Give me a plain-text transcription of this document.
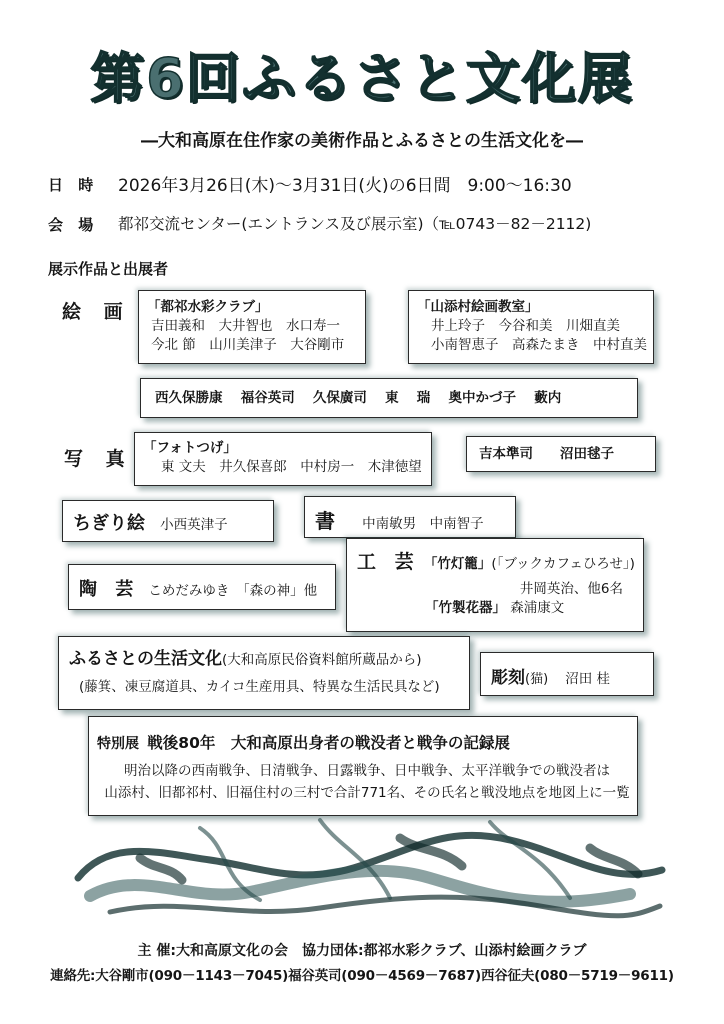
第6回ふるさと文化展
―大和高原在住作家の美術作品とふるさとの生活文化を―
日 時 2026年3月26日(木)～3月31日(火)の6日間　9:00～16:30
会 場 都祁交流センター(エントランス及び展示室)（℡0743－82－2112)
展示作品と出展者
絵 画 「都祁水彩クラブ」
吉田義和　大井智也　水口寿一
今北 節　山川美津子　大谷剛市
「山添村絵画教室」
井上玲子　今谷和美　川畑直美
小南智恵子　高森たまき　中村直美
西久保勝康　 福谷英司　 久保廣司　 東　 瑞　 奥中かづ子　 藪内
写 真 「フォトつげ」
東 文夫　井久保喜郎　中村房一　木津徳望
吉本準司　　沼田毬子
ちぎり絵 小西英津子	書 中南敏男　中南智子
陶 芸 こめだみゆき　「森の神」他
工 芸 「竹灯籠」(「ブックカフェひろせ」)
井岡英治、他6名
「竹製花器」 森浦康文
ふるさとの生活文化(大和高原民俗資料館所蔵品から)
(藤箕、凍豆腐道具、カイコ生産用具、特異な生活民具など)	彫刻(猫) 沼田 桂
特別展 戦後80年　大和高原出身者の戦没者と戦争の記録展
明治以降の西南戦争、日清戦争、日露戦争、日中戦争、太平洋戦争での戦没者は
山添村、旧都祁村、旧福住村の三村で合計771名、その氏名と戦没地点を地図上に一覧
主 催:大和高原文化の会　協力団体:都祁水彩クラブ、山添村絵画クラブ
連絡先:大谷剛市(090－1143－7045)福谷英司(090－4569－7687)西谷征夫(080－5719－9611)
